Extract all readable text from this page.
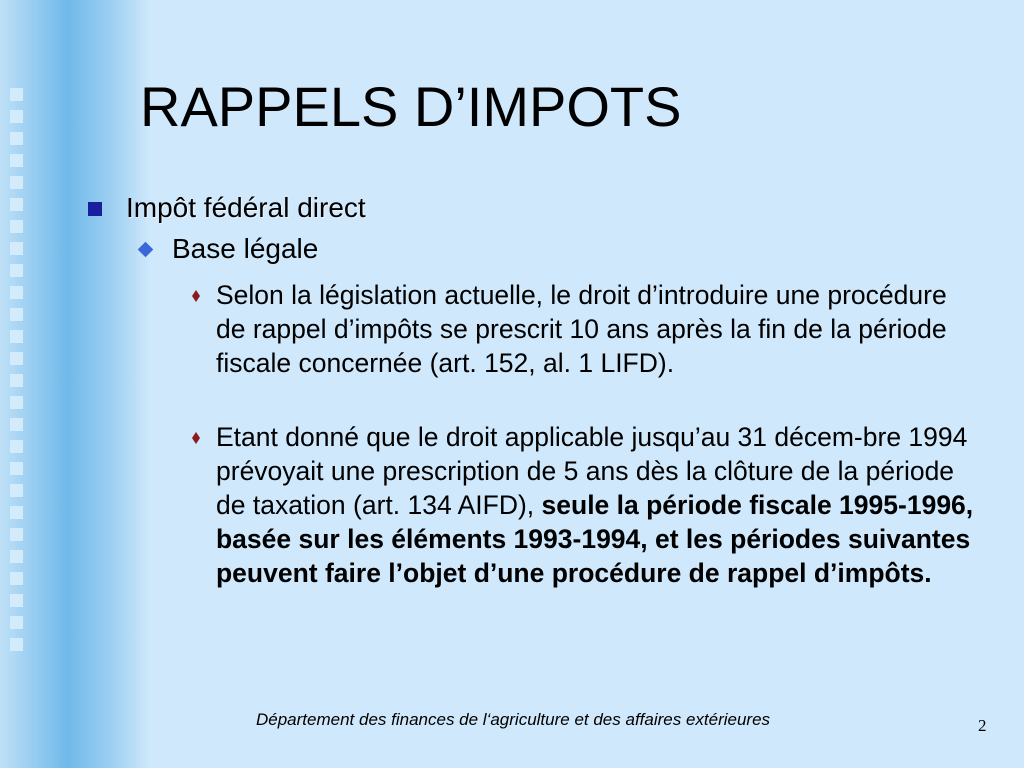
RAPPELS D’IMPOTS
Impôt fédéral direct
Base légale
Selon la législation actuelle, le droit d’introduire une procédure de rappel d’impôts se prescrit 10 ans après la fin de la période fiscale concernée (art. 152, al. 1 LIFD).
Etant donné que le droit applicable jusqu’au 31 décem-bre 1994 prévoyait une prescription de 5 ans dès la clôture de la période de taxation (art. 134 AIFD), seule la période fiscale 1995-1996, basée sur les éléments 1993-1994, et les périodes suivantes peuvent faire l’objet d’une procédure de rappel d’impôts.
Département des finances de l‘agriculture et des affaires extérieures	2
